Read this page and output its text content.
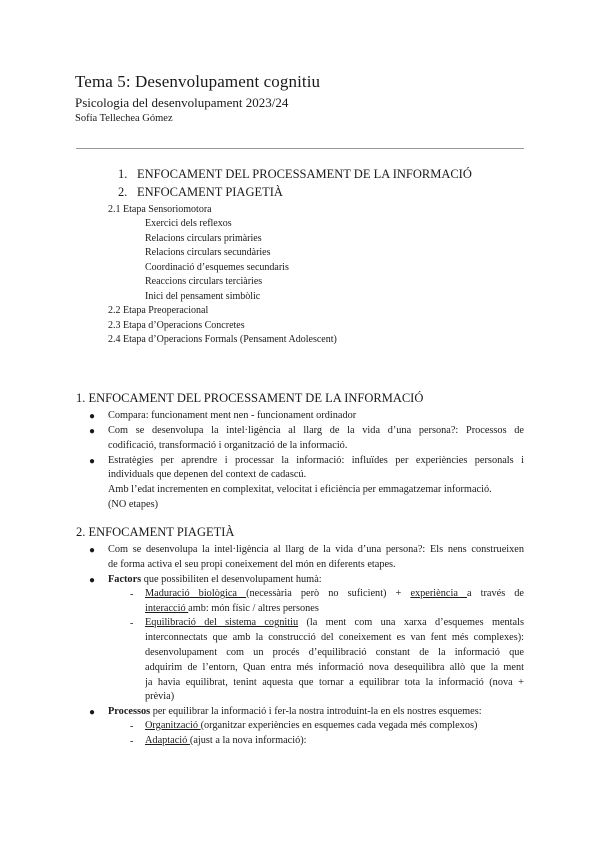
Tema 5: Desenvolupament cognitiu
Psicologia del desenvolupament 2023/24
Sofía Tellechea Gómez
1. ENFOCAMENT DEL PROCESSAMENT DE LA INFORMACIÓ
2. ENFOCAMENT PIAGETIÀ
2.1 Etapa Sensoriomotora
Exercici dels reflexos
Relacions circulars primàries
Relacions circulars secundàries
Coordinació d’esquemes secundaris
Reaccions circulars terciàries
Inici del pensament simbòlic
2.2 Etapa Preoperacional
2.3 Etapa d’Operacions Concretes
2.4 Etapa d’Operacions Formals (Pensament Adolescent)
1. ENFOCAMENT DEL PROCESSAMENT DE LA INFORMACIÓ
● Compara: funcionament ment nen - funcionament ordinador
● Com se desenvolupa la intel·ligència al llarg de la vida d’una persona?: Processos de
codificació, transformació i organització de la informació.
● Estratègies per aprendre i processar la informació: influïdes per experiències personals i
individuals que depenen del context de cadascú.
Amb l’edat incrementen en complexitat, velocitat i eficiència per emmagatzemar informació.
(NO etapes)
2. ENFOCAMENT PIAGETIÀ
● Com se desenvolupa la intel·ligència al llarg de la vida d’una persona?: Els nens construeixen
de forma activa el seu propi coneixement del món en diferents etapes.
● Factors que possibiliten el desenvolupament humà:
- Maduració biològica (necessària però no suficient) + experiència a través de
interacció amb: món físic / altres persones
- Equilibració del sistema cognitiu (la ment com una xarxa d’esquemes mentals
interconnectats que amb la construcció del coneixement es van fent més complexes):
desenvolupament com un procés d’equilibració constant de la informació que
adquirim de l’entorn, Quan entra més informació nova desequilibra allò que la ment
ja havia equilibrat, tenint aquesta que tornar a equilibrar tota la informació (nova +
prèvia)
● Processos per equilibrar la informació i fer-la nostra introduint-la en els nostres esquemes:
- Organització (organitzar experiències en esquemes cada vegada més complexos)
- Adaptació (ajust a la nova informació):
